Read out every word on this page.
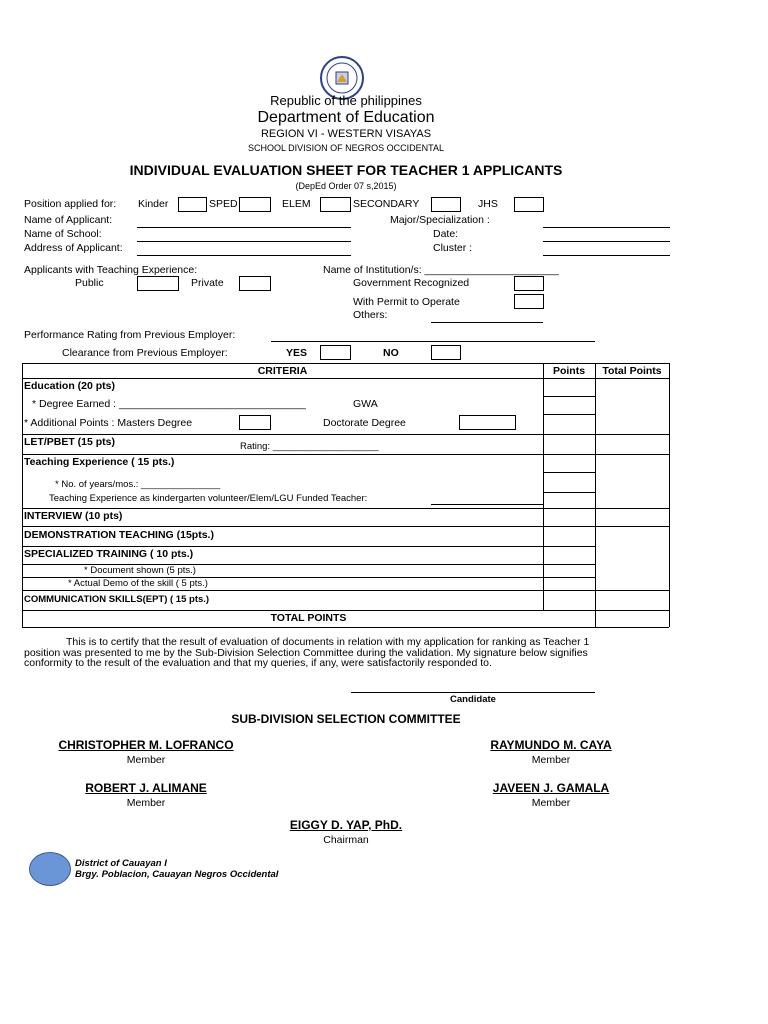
Republic of the philippines
Department of Education
REGION VI - WESTERN VISAYAS
SCHOOL DIVISION OF NEGROS OCCIDENTAL
INDIVIDUAL EVALUATION SHEET FOR TEACHER 1 APPLICANTS
(DepEd Order 07 s,2015)
Position applied for: Kinder	SPED	ELEM	SECONDARY	JHS
Name of Applicant:
Name of School:
Address of Applicant:
Major/Specialization :
Date:
Cluster :
Applicants with Teaching Experience:
Public	Private
Name of Institution/s: _______________________
Government Recognized
With Permit to Operate
Others:
Performance Rating from Previous Employer:
Clearance from Previous Employer:	YES	NO
CRITERIA	Points	Total Points
Education (20 pts)
* Degree Earned : ________________________________	GWA
* Additional Points : Masters Degree	Doctorate Degree
LET/PBET (15 pts)	Rating: ____________________
Teaching Experience ( 15 pts.)
* No. of years/mos.: _______________
Teaching Experience as kindergarten volunteer/Elem/LGU Funded Teacher:
INTERVIEW (10 pts)
DEMONSTRATION TEACHING (15pts.)
SPECIALIZED TRAINING ( 10 pts.)
* Document shown (5 pts.)
* Actual Demo of the skill ( 5 pts.)
COMMUNICATION SKILLS(EPT) ( 15 pts.)
TOTAL POINTS
This is to certify that the result of evaluation of documents in relation with my application for ranking as Teacher 1
position was presented to me by the Sub-Division Selection Committee during the validation. My signature below signifies
conformity to the result of the evaluation and that my queries, if any, were satisfactorily responded to.
Candidate
SUB-DIVISION SELECTION COMMITTEE
CHRISTOPHER M. LOFRANCO
Member
RAYMUNDO M. CAYA
Member
ROBERT J. ALIMANE
Member
JAVEEN J. GAMALA
Member
EIGGY D. YAP, PhD.
Chairman
District of Cauayan I
Brgy. Poblacion, Cauayan Negros Occidental
